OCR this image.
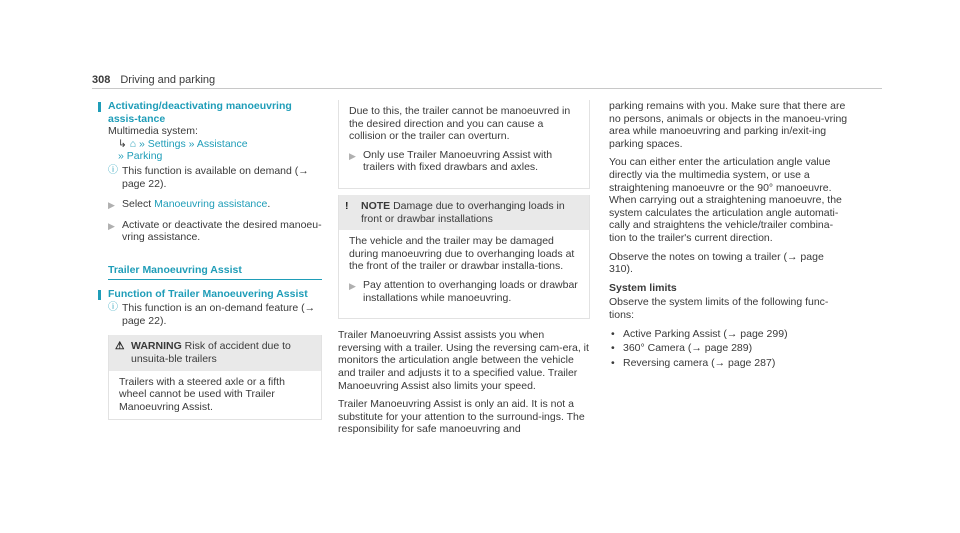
308 Driving and parking
Activating/deactivating manoeuvring assis-tance
Multimedia system:
↳ ⌂ » Settings » Assistance
» Parking
ⓘ This function is available on demand (→ page 22).
▶ Select Manoeuvring assistance.
▶ Activate or deactivate the desired manoeu-vring assistance.
Trailer Manoeuvring Assist
Function of Trailer Manoeuvering Assist
ⓘ This function is an on-demand feature (→ page 22).
⚠ WARNING Risk of accident due to unsuita-ble trailers
Trailers with a steered axle or a fifth wheel cannot be used with Trailer Manoeuvring Assist.
Due to this, the trailer cannot be manoeuvred in the desired direction and you can cause a collision or the trailer can overturn.
▶ Only use Trailer Manoeuvring Assist with trailers with fixed drawbars and axles.
! NOTE Damage due to overhanging loads in front or drawbar installations
The vehicle and the trailer may be damaged during manoeuvring due to overhanging loads at the front of the trailer or drawbar installa-tions.
▶ Pay attention to overhanging loads or drawbar installations while manoeuvring.
Trailer Manoeuvring Assist assists you when reversing with a trailer. Using the reversing cam-era, it monitors the articulation angle between the vehicle and trailer and adjusts it to a specified value. Trailer Manoeuvring Assist also limits your speed.
Trailer Manoeuvring Assist is only an aid. It is not a substitute for your attention to the surround-ings. The responsibility for safe manoeuvring and
parking remains with you. Make sure that there are no persons, animals or objects in the manoeu-vring area while manoeuvring and parking in/exit-ing parking spaces.
You can either enter the articulation angle value directly via the multimedia system, or use a straightening manoeuvre or the 90° manoeuvre. When carrying out a straightening manoeuvre, the system calculates the articulation angle automati-cally and straightens the vehicle/trailer combina-tion to the trailer's current direction.
Observe the notes on towing a trailer (→ page 310).
System limits
Observe the system limits of the following func-tions:
• Active Parking Assist (→ page 299)
• 360° Camera (→ page 289)
• Reversing camera (→ page 287)
